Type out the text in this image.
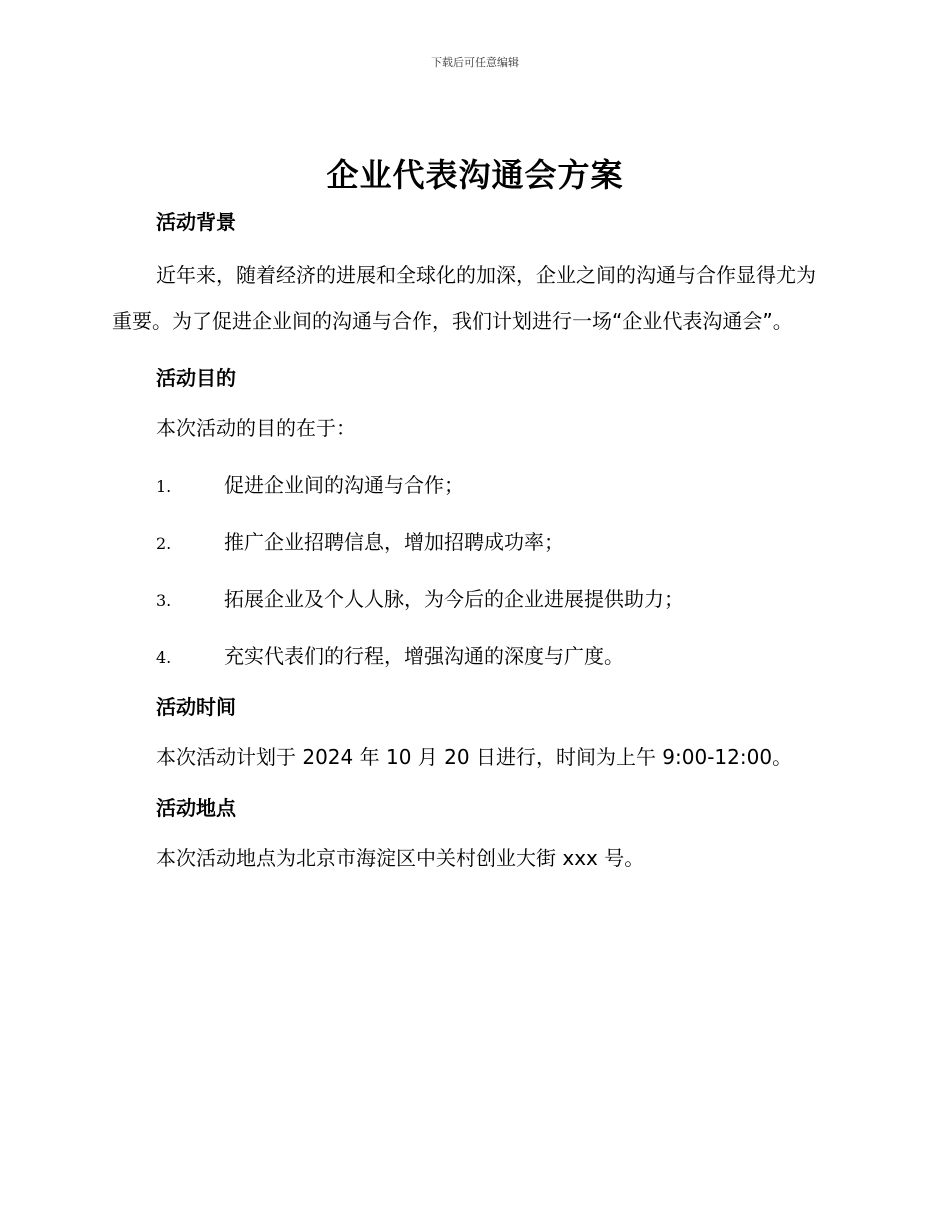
下载后可任意编辑
企业代表沟通会方案
活动背景

近年来，随着经济的进展和全球化的加深，企业之间的沟通与合作显得尤为重要。为了促进企业间的沟通与合作，我们计划进行一场“企业代表沟通会”。

活动目的

本次活动的目的在于：

1.	促进企业间的沟通与合作；
2.	推广企业招聘信息，增加招聘成功率；
3.	拓展企业及个人人脉，为今后的企业进展提供助力；
4.	充实代表们的行程，增强沟通的深度与广度。
活动时间

本次活动计划于 2024 年 10 月 20 日进行，时间为上午 9:00-12:00。

活动地点

本次活动地点为北京市海淀区中关村创业大街 xxx 号。
